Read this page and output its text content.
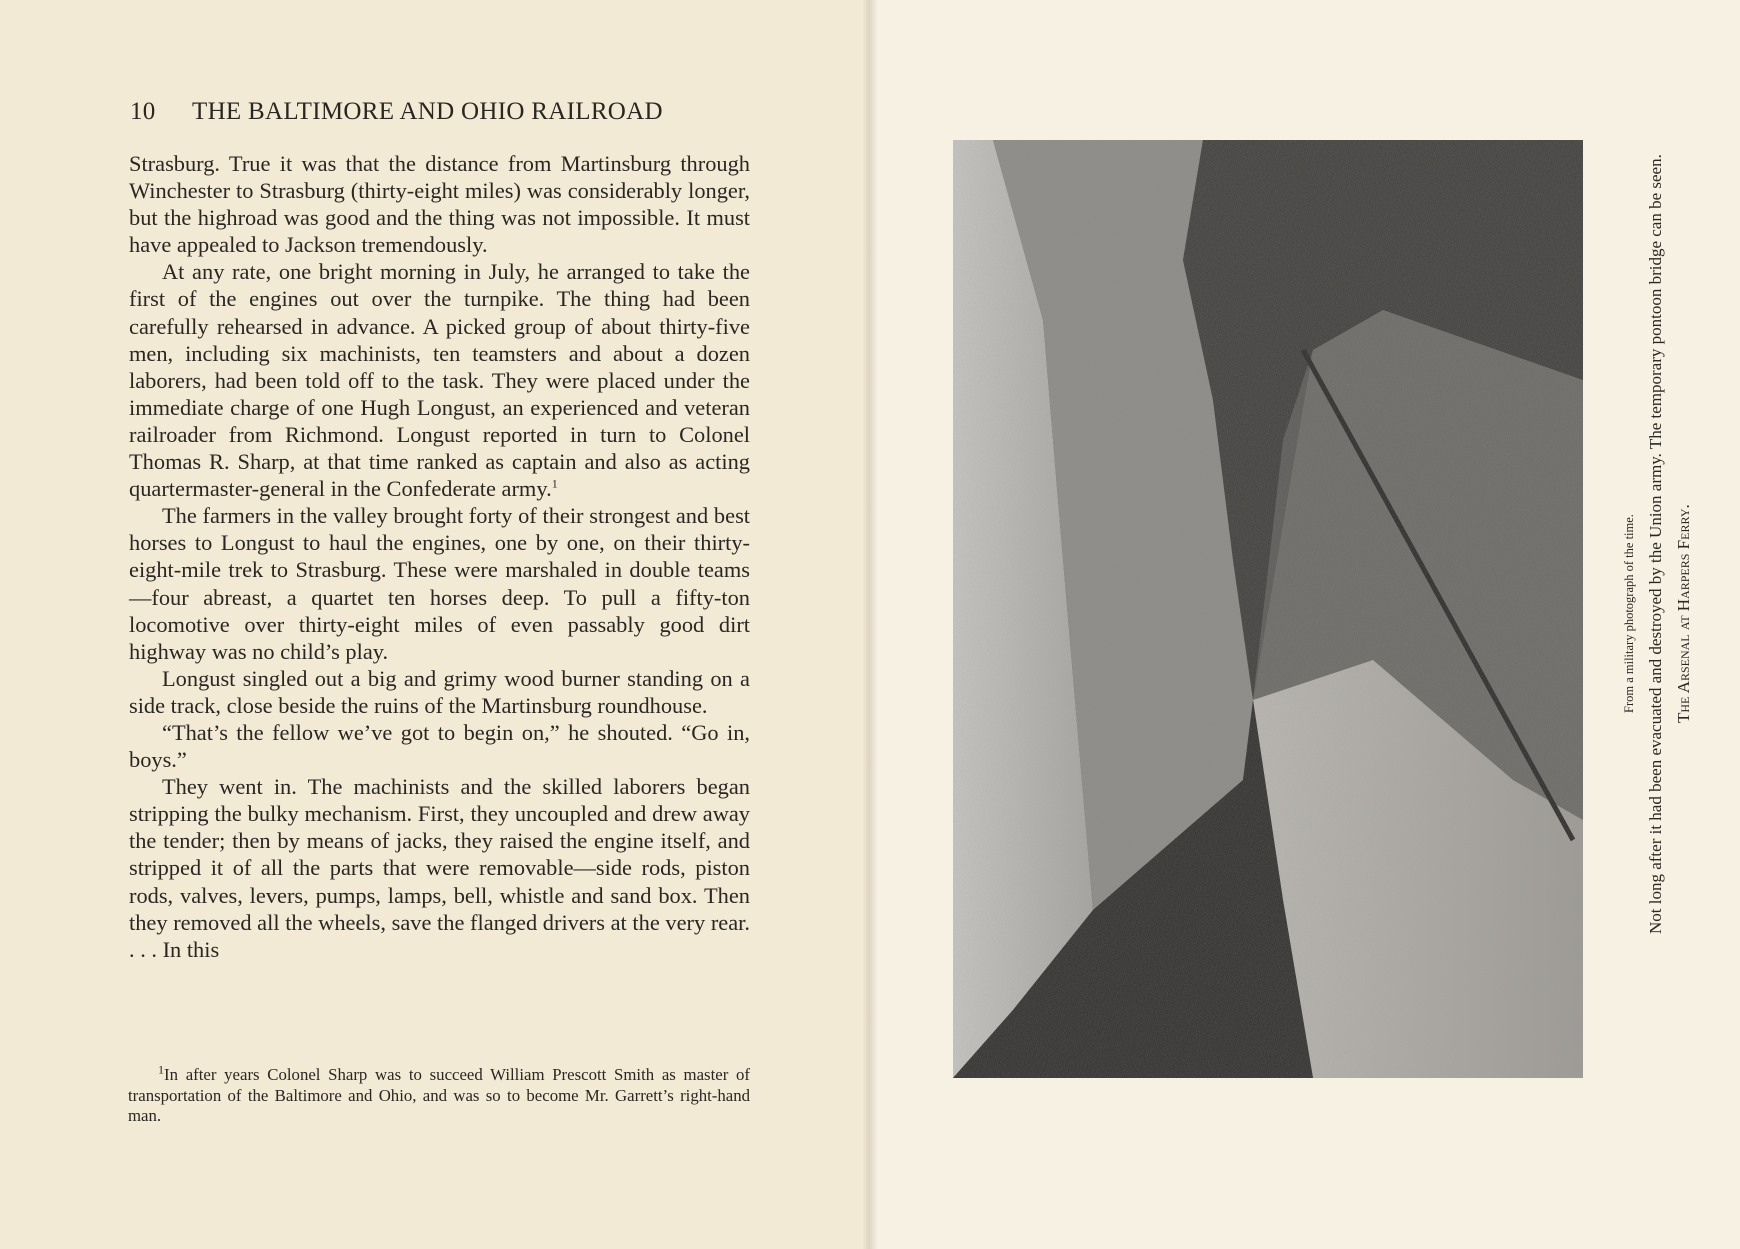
10 THE BALTIMORE AND OHIO RAILROAD

Strasburg. True it was that the distance from Martinsburg through Winchester to Strasburg (thirty-eight miles) was considerably longer, but the highroad was good and the thing was not impossible. It must have appealed to Jackson tremendously.

At any rate, one bright morning in July, he arranged to take the first of the engines out over the turnpike. The thing had been carefully rehearsed in advance. A picked group of about thirty-five men, including six machinists, ten teamsters and about a dozen laborers, had been told off to the task. They were placed under the immediate charge of one Hugh Longust, an experienced and veteran railroader from Richmond. Longust reported in turn to Colonel Thomas R. Sharp, at that time ranked as captain and also as acting quartermaster-general in the Confederate army.$^1$

The farmers in the valley brought forty of their strongest and best horses to Longust to haul the engines, one by one, on their thirty-eight-mile trek to Strasburg. These were marshaled in double teams—four abreast, a quartet ten horses deep. To pull a fifty-ton locomotive over thirty-eight miles of even passably good dirt highway was no child’s play.

Longust singled out a big and grimy wood burner standing on a side track, close beside the ruins of the Martinsburg roundhouse.

“That’s the fellow we’ve got to begin on,” he shouted. “Go in, boys.”

They went in. The machinists and the skilled laborers began stripping the bulky mechanism. First, they uncoupled and drew away the tender; then by means of jacks, they raised the engine itself, and stripped it of all the parts that were removable—side rods, piston rods, valves, levers, pumps, lamps, bell, whistle and sand box. Then they removed all the wheels, save the flanged drivers at the very rear. . . . In this

$^1$In after years Colonel Sharp was to succeed William Prescott Smith as master of transportation of the Baltimore and Ohio, and was so to become Mr. Garrett’s right-hand man.

The Arsenal at Harpers Ferry.
Not long after it had been evacuated and destroyed by the Union army. The temporary pontoon bridge can be seen.
From a military photograph of the time.
